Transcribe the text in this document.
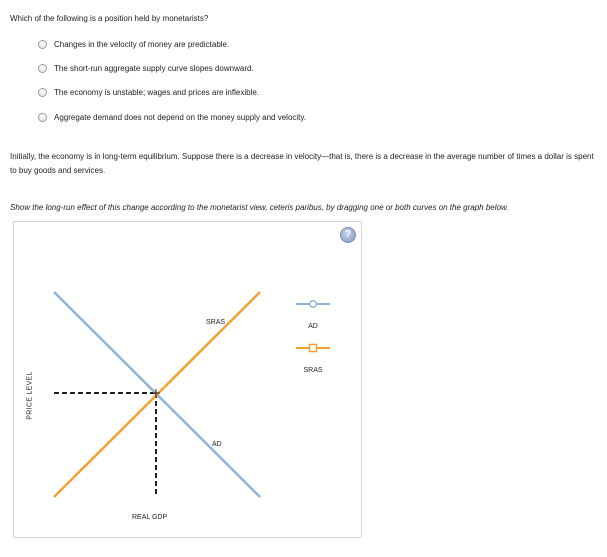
Which of the following is a position held by monetarists?
Changes in the velocity of money are predictable.
The short-run aggregate supply curve slopes downward.
The economy is unstable; wages and prices are inflexible.
Aggregate demand does not depend on the money supply and velocity.
Initially, the economy is in long-term equilibrium. Suppose there is a decrease in velocity—that is, there is a decrease in the average number of times a dollar is spent to buy goods and services.
Show the long-run effect of this change according to the monetarist view, ceteris paribus, by dragging one or both curves on the graph below.
?
PRICE LEVEL
REAL GDP
SRAS
AD
AD
SRAS
